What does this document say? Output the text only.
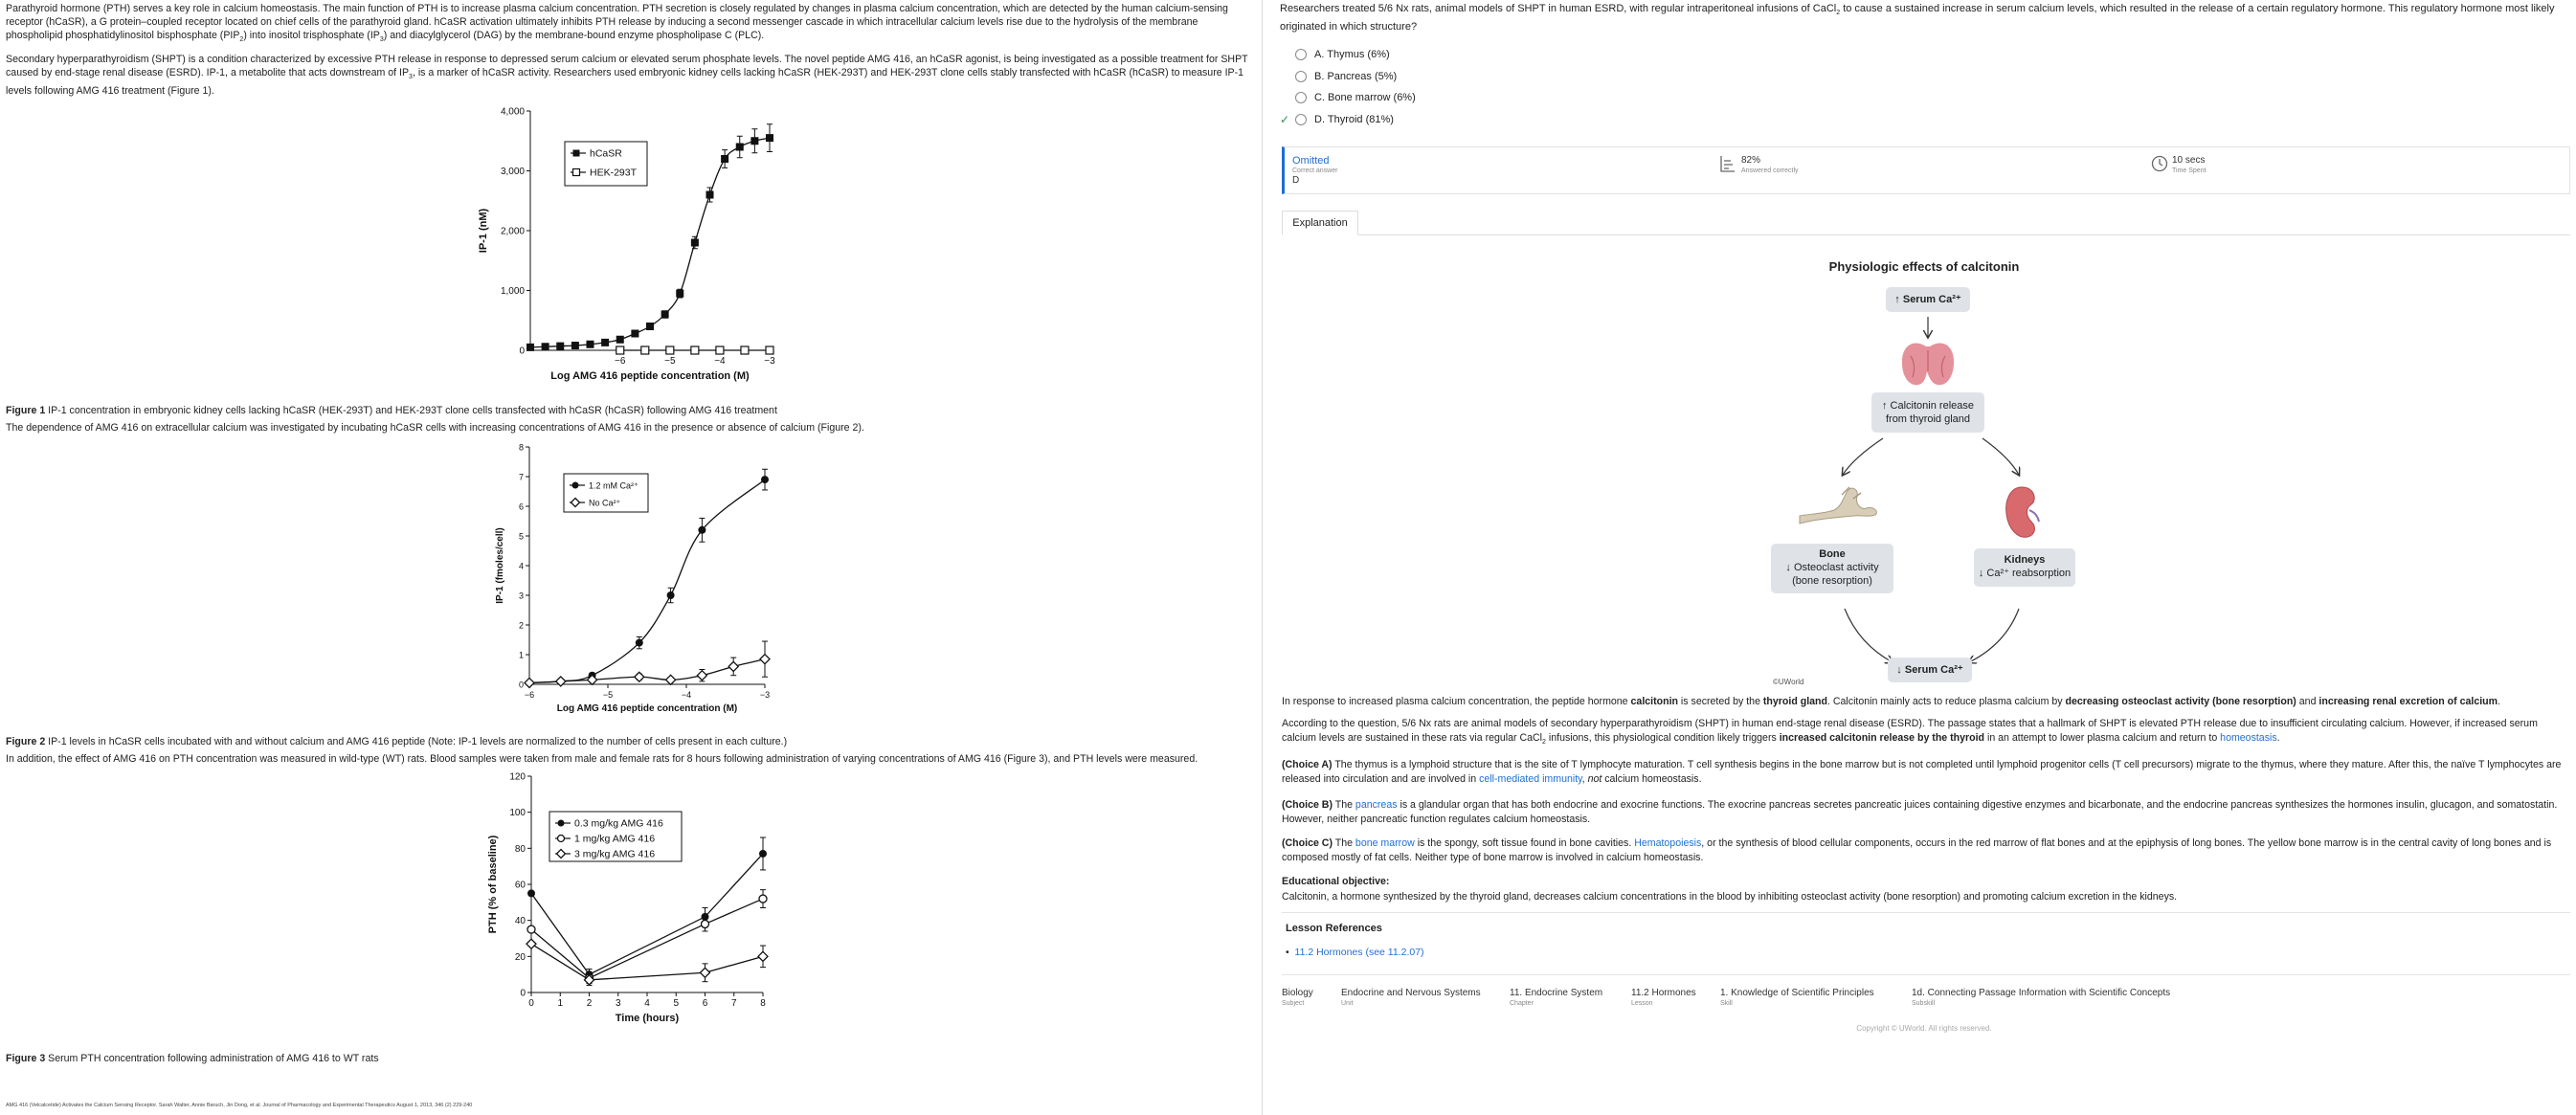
Parathyroid hormone (PTH) serves a key role in calcium homeostasis. The main function of PTH is to increase plasma calcium concentration. PTH secretion is closely regulated by changes in plasma calcium concentration, which are detected by the human calcium-sensing receptor (hCaSR), a G protein–coupled receptor located on chief cells of the parathyroid gland. hCaSR activation ultimately inhibits PTH release by inducing a second messenger cascade in which intracellular calcium levels rise due to the hydrolysis of the membrane phospholipid phosphatidylinositol bisphosphate $(PIP_2)$ into inositol trisphosphate $(IP_3)$ and diacylglycerol (DAG) by the membrane-bound enzyme phospholipase C (PLC).

Secondary hyperparathyroidism (SHPT) is a condition characterized by excessive PTH release in response to depressed serum calcium or elevated serum phosphate levels. The novel peptide AMG 416, an hCaSR agonist, is being investigated as a possible treatment for SHPT caused by end-stage renal disease (ESRD). IP-1, a metabolite that acts downstream of $IP_3$, is a marker of hCaSR activity. Researchers used embryonic kidney cells lacking hCaSR (HEK-293T) and HEK-293T clone cells stably transfected with hCaSR (hCaSR) to measure IP-1 levels following AMG 416 treatment (Figure 1).

0
1,000
2,000
3,000
4,000
−6	−5	−4	−3
Log AMG 416 peptide concentration (M)
IP-1 (nM)
hCaSR
HEK-293T

Figure 1 IP-1 concentration in embryonic kidney cells lacking hCaSR (HEK-293T) and HEK-293T clone cells transfected with hCaSR (hCaSR) following AMG 416 treatment

The dependence of AMG 416 on extracellular calcium was investigated by incubating hCaSR cells with increasing concentrations of AMG 416 in the presence or absence of calcium (Figure 2).

0
1
2
3
4
5
6
7
8
−6	−5	−4	−3
Log AMG 416 peptide concentration (M)
IP-1 (fmoles/cell)
1.2 mM Ca²⁺
No Ca²⁺

Figure 2 IP-1 levels in hCaSR cells incubated with and without calcium and AMG 416 peptide (Note: IP-1 levels are normalized to the number of cells present in each culture.)

In addition, the effect of AMG 416 on PTH concentration was measured in wild-type (WT) rats. Blood samples were taken from male and female rats for 8 hours following administration of varying concentrations of AMG 416 (Figure 3), and PTH levels were measured.

0
20
40
60
80
100
120
0 1 2 3 4 5 6 7 8
Time (hours)
PTH (% of baseline)
0.3 mg/kg AMG 416
1 mg/kg AMG 416
3 mg/kg AMG 416

Figure 3 Serum PTH concentration following administration of AMG 416 to WT rats

AMG 416 (Velcalcetide) Activates the Calcium Sensing Receptor. Sarah Walter, Annie Baruch, Jin Dong, et al. Journal of Pharmacology and Experimental Therapeutics August 1, 2013, 346 (2) 229-240

Researchers treated 5/6 Nx rats, animal models of SHPT in human ESRD, with regular intraperitoneal infusions of CaCl$_2$ to cause a sustained increase in serum calcium levels, which resulted in the release of a certain regulatory hormone. This regulatory hormone most likely originated in which structure?

A. Thymus (6%)
B. Pancreas (5%)
C. Bone marrow (6%)
✓	D. Thyroid (81%)
Omitted
Correct answer
D
82%
Answered correctly
10 secs
Time Spent
Explanation
Physiologic effects of calcitonin
↑ Serum Ca²⁺
↑ Calcitonin release
from thyroid gland
Bone
↓ Osteoclast activity
(bone resorption)
Kidneys
↓ Ca²⁺ reabsorption
↓ Serum Ca²⁺
©UWorld

In response to increased plasma calcium concentration, the peptide hormone calcitonin is secreted by the thyroid gland. Calcitonin mainly acts to reduce plasma calcium by decreasing osteoclast activity (bone resorption) and increasing renal excretion of calcium.

According to the question, 5/6 Nx rats are animal models of secondary hyperparathyroidism (SHPT) in human end-stage renal disease (ESRD). The passage states that a hallmark of SHPT is elevated PTH release due to insufficient circulating calcium. However, if increased serum calcium levels are sustained in these rats via regular CaCl$_2$ infusions, this physiological condition likely triggers increased calcitonin release by the thyroid in an attempt to lower plasma calcium and return to homeostasis.

(Choice A) The thymus is a lymphoid structure that is the site of T lymphocyte maturation. T cell synthesis begins in the bone marrow but is not completed until lymphoid progenitor cells (T cell precursors) migrate to the thymus, where they mature. After this, the naïve T lymphocytes are released into circulation and are involved in cell-mediated immunity, not calcium homeostasis.

(Choice B) The pancreas is a glandular organ that has both endocrine and exocrine functions. The exocrine pancreas secretes pancreatic juices containing digestive enzymes and bicarbonate, and the endocrine pancreas synthesizes the hormones insulin, glucagon, and somatostatin. However, neither pancreatic function regulates calcium homeostasis.

(Choice C) The bone marrow is the spongy, soft tissue found in bone cavities. Hematopoiesis, or the synthesis of blood cellular components, occurs in the red marrow of flat bones and at the epiphysis of long bones. The yellow bone marrow is in the central cavity of long bones and is composed mostly of fat cells. Neither type of bone marrow is involved in calcium homeostasis.

Educational objective:

Calcitonin, a hormone synthesized by the thyroid gland, decreases calcium concentrations in the blood by inhibiting osteoclast activity (bone resorption) and promoting calcium excretion in the kidneys.

Lesson References
•  11.2 Hormones (see 11.2.07)
Biology
Subject
Endocrine and Nervous Systems
Unit
11. Endocrine System
Chapter
11.2 Hormones
Lesson
1. Knowledge of Scientific Principles
Skill
1d. Connecting Passage Information with Scientific Concepts
Subskill
Copyright © UWorld. All rights reserved.
